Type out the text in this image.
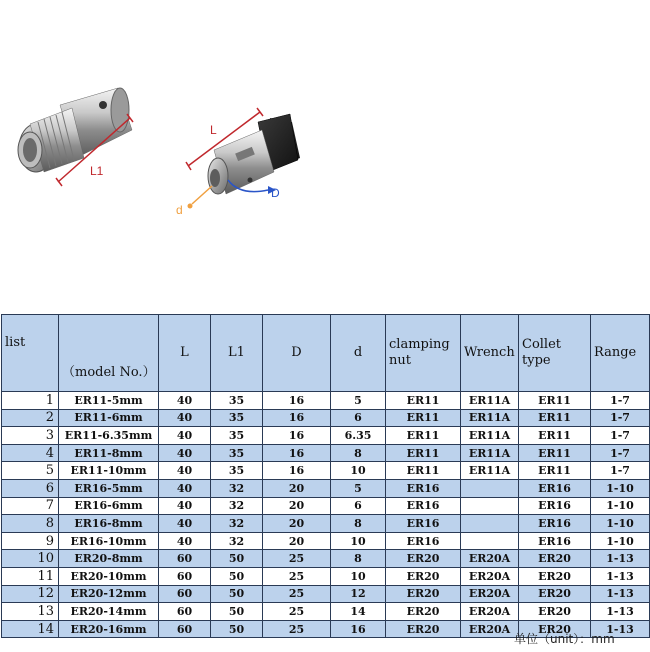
L1
L
D
d
list	（model No.）	L	L1	D	d	clamping nut	Wrench	Collet type	Range
1	ER11-5mm	40	35	16	5	ER11	ER11A	ER11	1-7
2	ER11-6mm	40	35	16	6	ER11	ER11A	ER11	1-7
3	ER11-6.35mm	40	35	16	6.35	ER11	ER11A	ER11	1-7
4	ER11-8mm	40	35	16	8	ER11	ER11A	ER11	1-7
5	ER11-10mm	40	35	16	10	ER11	ER11A	ER11	1-7
6	ER16-5mm	40	32	20	5	ER16		ER16	1-10
7	ER16-6mm	40	32	20	6	ER16		ER16	1-10
8	ER16-8mm	40	32	20	8	ER16		ER16	1-10
9	ER16-10mm	40	32	20	10	ER16		ER16	1-10
10	ER20-8mm	60	50	25	8	ER20	ER20A	ER20	1-13
11	ER20-10mm	60	50	25	10	ER20	ER20A	ER20	1-13
12	ER20-12mm	60	50	25	12	ER20	ER20A	ER20	1-13
13	ER20-14mm	60	50	25	14	ER20	ER20A	ER20	1-13
14	ER20-16mm	60	50	25	16	ER20	ER20A	ER20	1-13
单位（unit）：mm
